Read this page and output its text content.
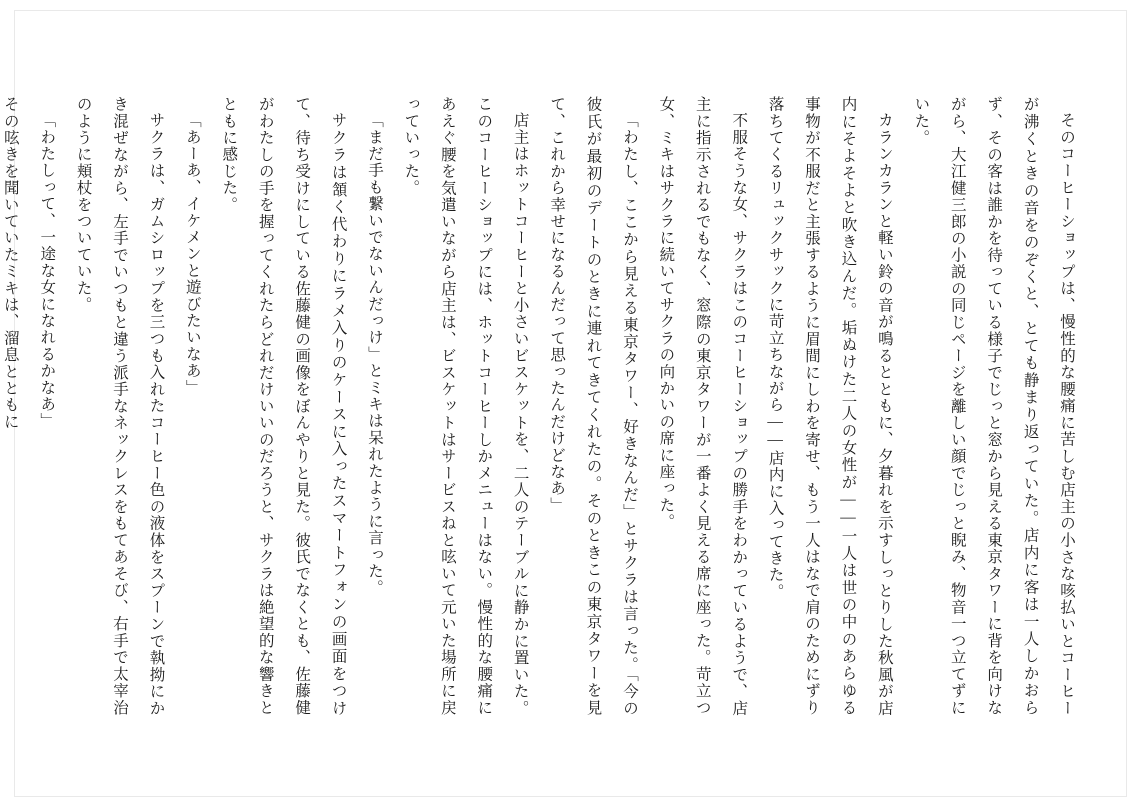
そのコーヒーショップは、慢性的な腰痛に苦しむ店主の小さな咳払いとコーヒーが沸くときの音をのぞくと、とても静まり返っていた。店内に客は一人しかおらず、その客は誰かを待っている様子でじっと窓から見える東京タワーに背を向けながら、大江健三郎の小説の同じページを離しい顔でじっと睨み、物音一つ立てずにいた。

カランカランと軽い鈴の音が鳴るとともに、夕暮れを示すしっとりした秋風が店内にそよそよと吹き込んだ。垢ぬけた二人の女性が——一人は世の中のあらゆる事物が不服だと主張するように眉間にしわを寄せ、もう一人はなで肩のためにずり落ちてくるリュックサックに苛立ちながら——店内に入ってきた。

不服そうな女、サクラはこのコーヒーショップの勝手をわかっているようで、店主に指示されるでもなく、窓際の東京タワーが一番よく見える席に座った。苛立つ女、ミキはサクラに続いてサクラの向かいの席に座った。

「わたし、ここから見える東京タワー、好きなんだ」とサクラは言った。「今の彼氏が最初のデートのときに連れてきてくれたの。そのときこの東京タワーを見て、これから幸せになるんだって思ったんだけどなあ」

店主はホットコーヒーと小さいビスケットを、二人のテーブルに静かに置いた。このコーヒーショップには、ホットコーヒーしかメニューはない。慢性的な腰痛にあえぐ腰を気遣いながら店主は、ビスケットはサービスねと呟いて元いた場所に戻っていった。

「まだ手も繋いでないんだっけ」とミキは呆れたように言った。

サクラは頷く代わりにラメ入りのケースに入ったスマートフォンの画面をつけて、待ち受けにしている佐藤健の画像をぼんやりと見た。彼氏でなくとも、佐藤健がわたしの手を握ってくれたらどれだけいいのだろうと、サクラは絶望的な響きとともに感じた。

「あーあ、イケメンと遊びたいなあ」

サクラは、ガムシロップを三つも入れたコーヒー色の液体をスプーンで執拗にかき混ぜながら、左手でいつもと違う派手なネックレスをもてあそび、右手で太宰治のように頬杖をついていた。

「わたしって、一途な女になれるかなあ」

その呟きを聞いていたミキは、溜息とともに
